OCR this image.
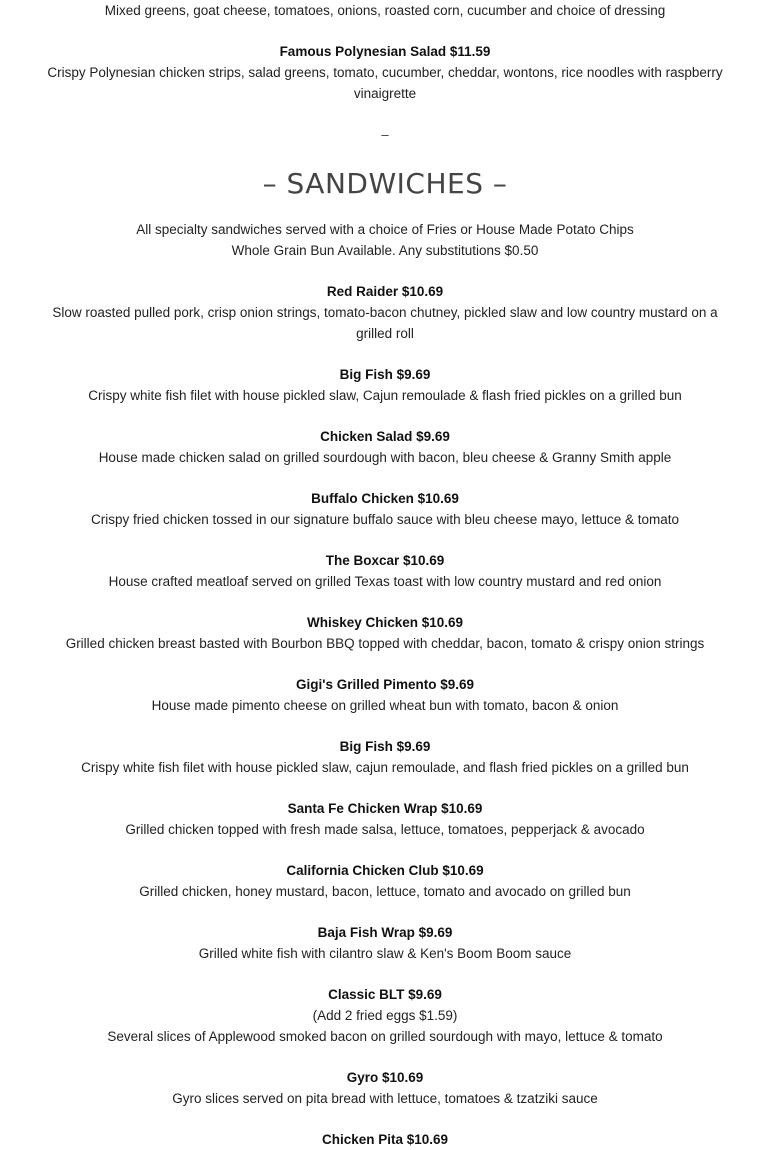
Mixed greens, goat cheese, tomatoes, onions, roasted corn, cucumber and choice of dressing

Famous Polynesian Salad $11.59

Crispy Polynesian chicken strips, salad greens, tomato, cucumber, cheddar, wontons, rice noodles with raspberry vinaigrette

–

– SANDWICHES –

All specialty sandwiches served with a choice of Fries or House Made Potato Chips

Whole Grain Bun Available. Any substitutions $0.50

Red Raider $10.69

Slow roasted pulled pork, crisp onion strings, tomato-bacon chutney, pickled slaw and low country mustard on a grilled roll

Big Fish $9.69

Crispy white fish filet with house pickled slaw, Cajun remoulade & flash fried pickles on a grilled bun

Chicken Salad $9.69

House made chicken salad on grilled sourdough with bacon, bleu cheese & Granny Smith apple

Buffalo Chicken $10.69

Crispy fried chicken tossed in our signature buffalo sauce with bleu cheese mayo, lettuce & tomato

The Boxcar $10.69

House crafted meatloaf served on grilled Texas toast with low country mustard and red onion

Whiskey Chicken $10.69

Grilled chicken breast basted with Bourbon BBQ topped with cheddar, bacon, tomato & crispy onion strings

Gigi's Grilled Pimento $9.69

House made pimento cheese on grilled wheat bun with tomato, bacon & onion

Big Fish $9.69

Crispy white fish filet with house pickled slaw, cajun remoulade, and flash fried pickles on a grilled bun

Santa Fe Chicken Wrap $10.69

Grilled chicken topped with fresh made salsa, lettuce, tomatoes, pepperjack & avocado

California Chicken Club $10.69

Grilled chicken, honey mustard, bacon, lettuce, tomato and avocado on grilled bun

Baja Fish Wrap $9.69

Grilled white fish with cilantro slaw & Ken's Boom Boom sauce

Classic BLT $9.69

(Add 2 fried eggs $1.59)

Several slices of Applewood smoked bacon on grilled sourdough with mayo, lettuce & tomato

Gyro $10.69

Gyro slices served on pita bread with lettuce, tomatoes & tzatziki sauce

Chicken Pita $10.69
